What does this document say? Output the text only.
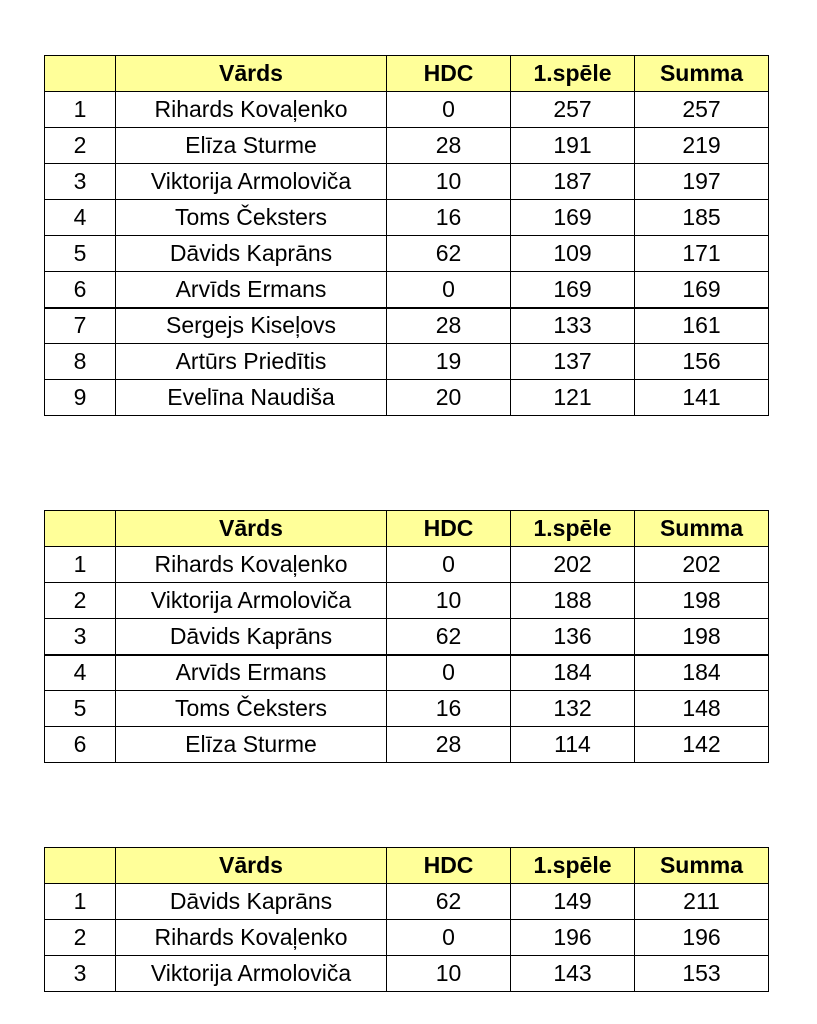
	Vārds	HDC	1.spēle	Summa
1	Rihards Kovaļenko	0	257	257
2	Elīza Sturme	28	191	219
3	Viktorija Armoloviča	10	187	197
4	Toms Čeksters	16	169	185
5	Dāvids Kaprāns	62	109	171
6	Arvīds Ermans	0	169	169
7	Sergejs Kiseļovs	28	133	161
8	Artūrs Priedītis	19	137	156
9	Evelīna Naudiša	20	121	141
	Vārds	HDC	1.spēle	Summa
1	Rihards Kovaļenko	0	202	202
2	Viktorija Armoloviča	10	188	198
3	Dāvids Kaprāns	62	136	198
4	Arvīds Ermans	0	184	184
5	Toms Čeksters	16	132	148
6	Elīza Sturme	28	114	142
	Vārds	HDC	1.spēle	Summa
1	Dāvids Kaprāns	62	149	211
2	Rihards Kovaļenko	0	196	196
3	Viktorija Armoloviča	10	143	153
